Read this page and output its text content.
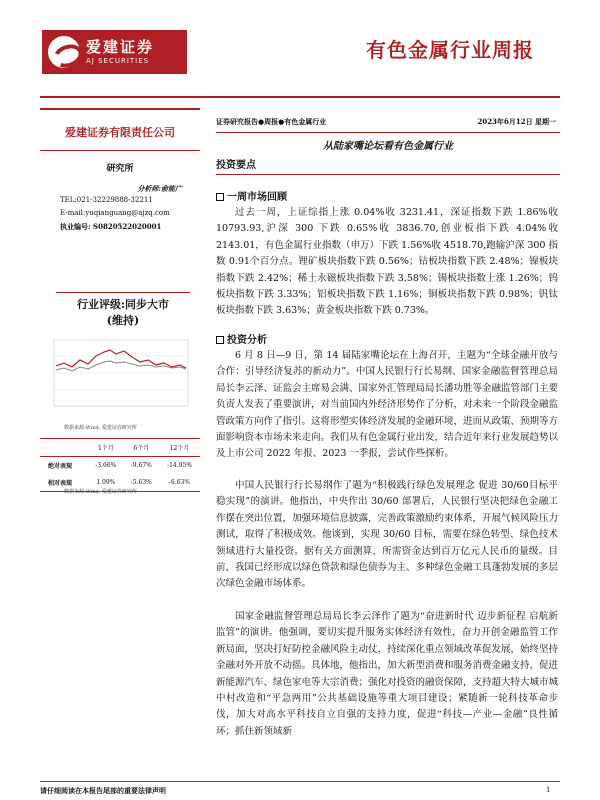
爱建证券
AJ SECURITIES	有色金属行业周报
爱建证券有限责任公司
研究所
分析师:俞能广
TEL:021-32229888-32211
E-mail:yuqianguang@ajzq.com
执业编号: S0820522020001
行业评级:同步大市
(维持)
数据来源:Wind, 爱建证券研究所
	1个月	6个月	12个月
绝对表现	-3.66%	-9.67%	-14.95%
相对表现	1.09%	-5.63%	-6.63%
数据来源:Wind, 爱建证券研究所
证券研究报告●周报●有色金属行业	2023年6月12日 星期一
从陆家嘴论坛看有色金属行业
投资要点
一周市场回顾

过去一周，上证综指上涨 0.04%收 3231.41，深证指数下跌 1.86%收 10793.93,沪深 300 下跌 0.65%收 3836.70,创业板指下跌 4.04%收 2143.01，有色金属行业指数（申万）下跌 1.56%收 4518.70,跑输沪深 300 指数 0.91个百分点。锂矿板块指数下跌 0.56%；钴板块指数下跌 2.48%；镍板块指数下跌 2.42%；稀土永磁板块指数下跌 3.58%；锡板块指数上涨 1.26%；钨板块指数下跌 3.33%；铝板块指数下跌 1.16%；铜板块指数下跌 0.98%；钒钛板块指数下跌 3.63%；黄金板块指数下跌 0.73%。

投资分析

6 月 8 日—9 日，第 14 届陆家嘴论坛在上海召开，主题为“全球金融开放与合作：引导经济复苏的新动力”。中国人民银行行长易纲、国家金融监督管理总局局长李云泽、证监会主席易会满、国家外汇管理局局长潘功胜等金融监管部门主要负责人发表了重要演讲，对当前国内外经济形势作了分析，对未来一个阶段金融监管政策方向作了指引。这将形塑实体经济发展的金融环境，进而从政策、预期等方面影响资本市场未来走向。我们从有色金属行业出发，结合近年来行业发展趋势以及上市公司 2022 年报、2023 一季报，尝试作些探析。

中国人民银行行长易纲作了题为“积极践行绿色发展理念 促进 30/60目标平稳实现”的演讲。他指出，中央作出 30/60 部署后，人民银行坚决把绿色金融工作摆在突出位置，加强环境信息披露，完善政策激励约束体系，开展气候风险压力测试，取得了积极成效。他谈到，实现 30/60 目标，需要在绿色转型、绿色技术领域进行大量投资。据有关方面测算，所需资金达到百万亿元人民币的量级。目前，我国已经形成以绿色贷款和绿色债券为主、多种绿色金融工具蓬勃发展的多层次绿色金融市场体系。

国家金融监督管理总局局长李云泽作了题为“奋进新时代 迈步新征程 启航新监管”的演讲。他强调，要切实提升服务实体经济有效性，奋力开创金融监管工作新局面，坚决打好防控金融风险主动仗，持续深化重点领域改革促发展，始终坚持金融对外开放不动摇。具体地，他指出，加大新型消费和服务消费金融支持，促进新能源汽车、绿色家电等大宗消费；强化对投资的融资保障，支持超大特大城市城中村改造和“平急两用”公共基础设施等重大项目建设；紧随新一轮科技革命步伐，加大对高水平科技自立自强的支持力度，促进“科技—产业—金融”良性循环；抓住新领域新

请仔细阅读在本报告尾部的重要法律声明	1
